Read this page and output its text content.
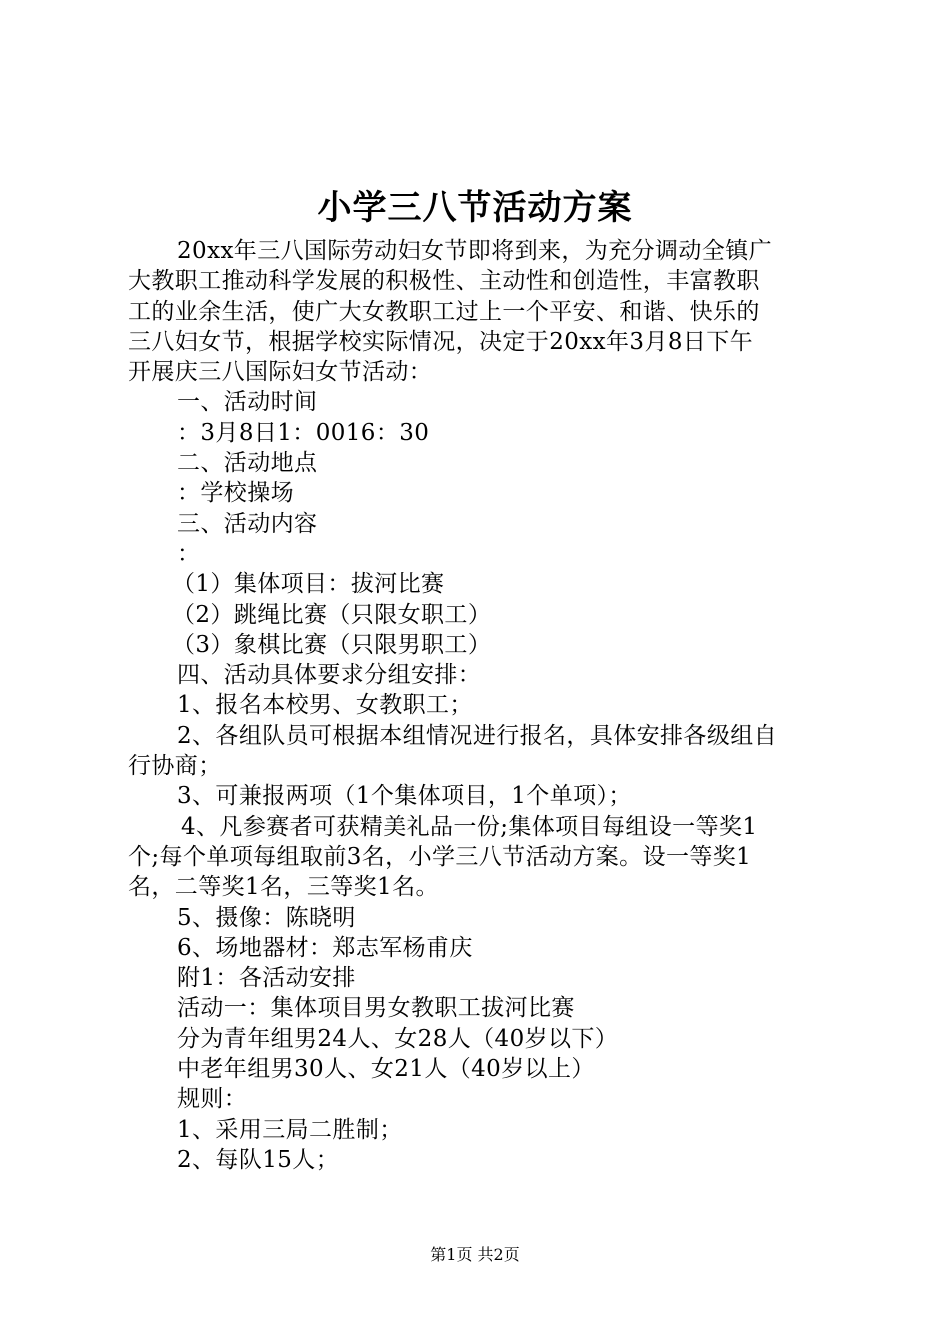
小学三八节活动方案

20xx年三八国际劳动妇女节即将到来，为充分调动全镇广

大教职工推动科学发展的积极性、主动性和创造性，丰富教职

工的业余生活，使广大女教职工过上一个平安、和谐、快乐的

三八妇女节，根据学校实际情况，决定于20xx年3月8日下午

开展庆三八国际妇女节活动：

一、活动时间

：3月8日1：0016：30

二、活动地点

：学校操场

三、活动内容

：

（1）集体项目：拔河比赛

（2）跳绳比赛（只限女职工）

（3）象棋比赛（只限男职工）

四、活动具体要求分组安排：

1、报名本校男、女教职工；

2、各组队员可根据本组情况进行报名，具体安排各级组自

行协商；

3、可兼报两项（1个集体项目，1个单项）；

4、凡参赛者可获精美礼品一份;集体项目每组设一等奖1

个;每个单项每组取前3名，小学三八节活动方案。设一等奖1

名，二等奖1名，三等奖1名。

5、摄像：陈晓明

6、场地器材：郑志军杨甫庆

附1：各活动安排

活动一：集体项目男女教职工拔河比赛

分为青年组男24人、女28人（40岁以下）

中老年组男30人、女21人（40岁以上）

规则：

1、采用三局二胜制；

2、每队15人；

第1页 共2页
